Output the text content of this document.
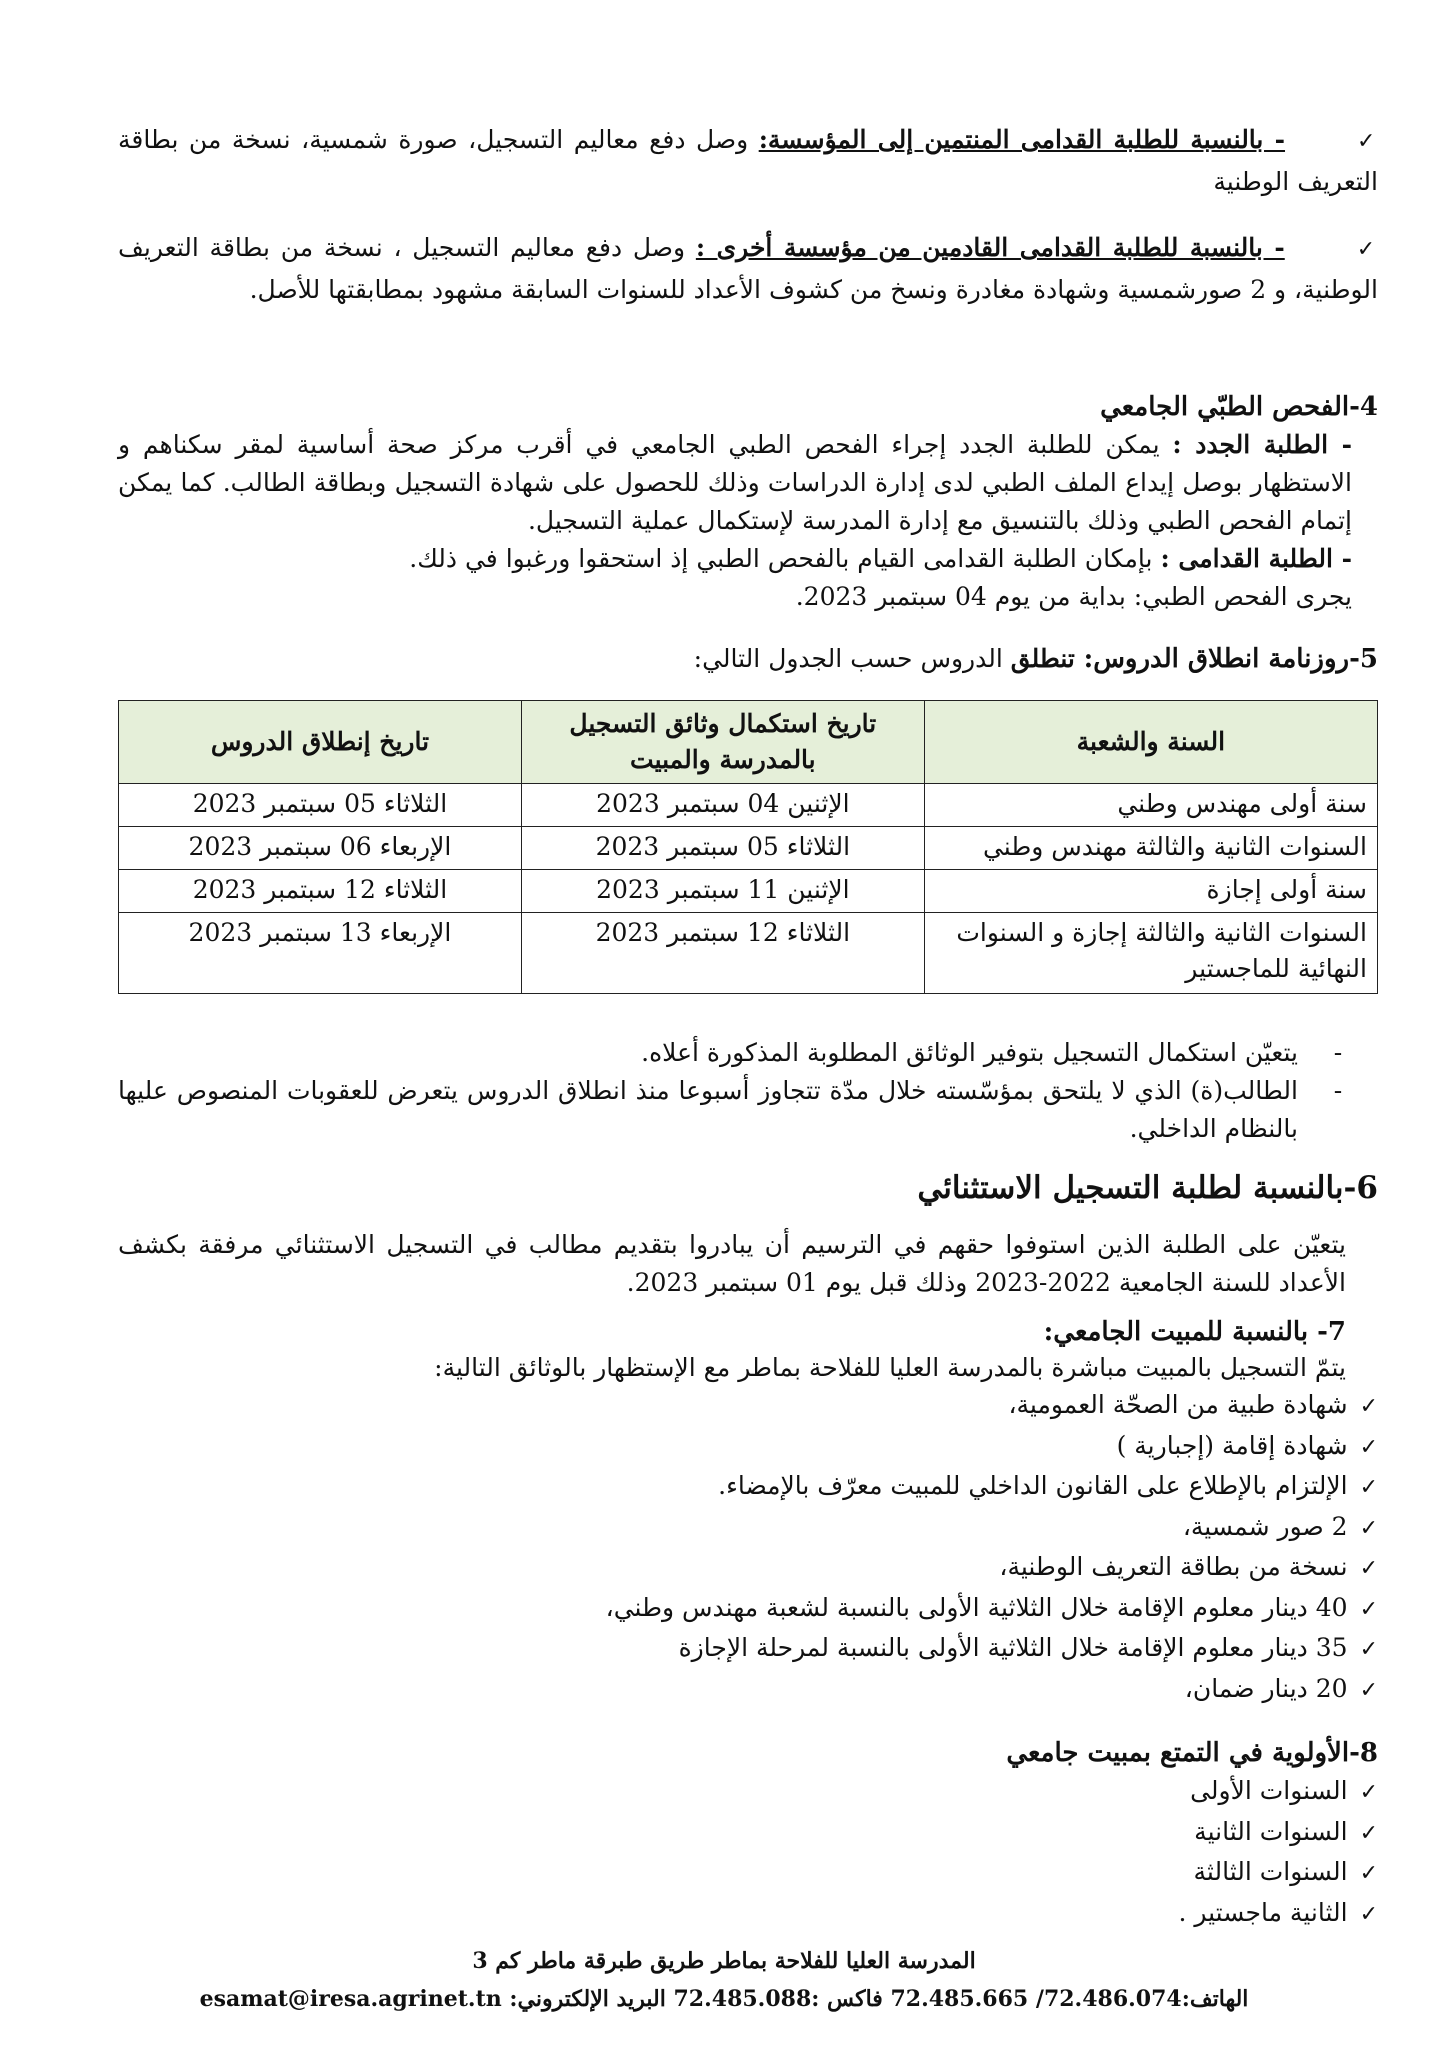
✓- بالنسبة للطلبة القدامى المنتمين إلى المؤسسة: وصل دفع معاليم التسجيل، صورة شمسية، نسخة من بطاقة التعريف الوطنية
✓- بالنسبة للطلبة القدامى القادمين من مؤسسة أخرى : وصل دفع معاليم التسجيل ، نسخة من بطاقة التعريف الوطنية، و 2 صورشمسية وشهادة مغادرة ونسخ من كشوف الأعداد للسنوات السابقة مشهود بمطابقتها للأصل.
4-الفحص الطبّي الجامعي
- الطلبة الجدد : يمكن للطلبة الجدد إجراء الفحص الطبي الجامعي في أقرب مركز صحة أساسية لمقر سكناهم و الاستظهار بوصل إيداع الملف الطبي لدى إدارة الدراسات وذلك للحصول على شهادة التسجيل وبطاقة الطالب. كما يمكن إتمام الفحص الطبي وذلك بالتنسيق مع إدارة المدرسة لإستكمال عملية التسجيل.
- الطلبة القدامى : بإمكان الطلبة القدامى القيام بالفحص الطبي إذ استحقوا ورغبوا في ذلك.
يجرى الفحص الطبي: بداية من يوم 04 سبتمبر 2023.
5-روزنامة انطلاق الدروس: تنطلق الدروس حسب الجدول التالي:
السنة والشعبة	تاريخ استكمال وثائق التسجيل بالمدرسة والمبيت	تاريخ إنطلاق الدروس
سنة أولى مهندس وطني	الإثنين 04 سبتمبر 2023	الثلاثاء 05 سبتمبر 2023
السنوات الثانية والثالثة مهندس وطني	الثلاثاء 05 سبتمبر 2023	الإربعاء 06 سبتمبر 2023
سنة أولى إجازة	الإثنين 11 سبتمبر 2023	الثلاثاء 12 سبتمبر 2023
السنوات الثانية والثالثة إجازة و السنوات النهائية للماجستير	الثلاثاء 12 سبتمبر 2023	الإربعاء 13 سبتمبر 2023
-
يتعيّن استكمال التسجيل بتوفير الوثائق المطلوبة المذكورة أعلاه.
-
الطالب(ة) الذي لا يلتحق بمؤسّسته خلال مدّة تتجاوز أسبوعا منذ انطلاق الدروس يتعرض للعقوبات المنصوص عليها بالنظام الداخلي.
6-بالنسبة لطلبة التسجيل الاستثنائي
يتعيّن على الطلبة الذين استوفوا حقهم في الترسيم أن يبادروا بتقديم مطالب في التسجيل الاستثنائي مرفقة بكشف الأعداد للسنة الجامعية 2022-2023 وذلك قبل يوم 01 سبتمبر 2023.
7- بالنسبة للمبيت الجامعي:
يتمّ التسجيل بالمبيت مباشرة بالمدرسة العليا للفلاحة بماطر مع الإستظهار بالوثائق التالية:
✓شهادة طبية من الصحّة العمومية،
✓شهادة إقامة (إجبارية )
✓الإلتزام بالإطلاع على القانون الداخلي للمبيت معرّف بالإمضاء.
✓2 صور شمسية،
✓نسخة من بطاقة التعريف الوطنية،
✓40 دينار معلوم الإقامة خلال الثلاثية الأولى بالنسبة لشعبة مهندس وطني،
✓35 دينار معلوم الإقامة خلال الثلاثية الأولى بالنسبة لمرحلة الإجازة
✓20 دينار ضمان،
8-الأولوية في التمتع بمبيت جامعي
✓السنوات الأولى
✓السنوات الثانية
✓السنوات الثالثة
✓الثانية ماجستير .
المدرسة العليا للفلاحة بماطر طريق طبرقة ماطر كم 3
الهاتف:72.486.074/ 72.485.665 فاكس :72.485.088 البريد الإلكتروني: esamat@iresa.agrinet.tn
